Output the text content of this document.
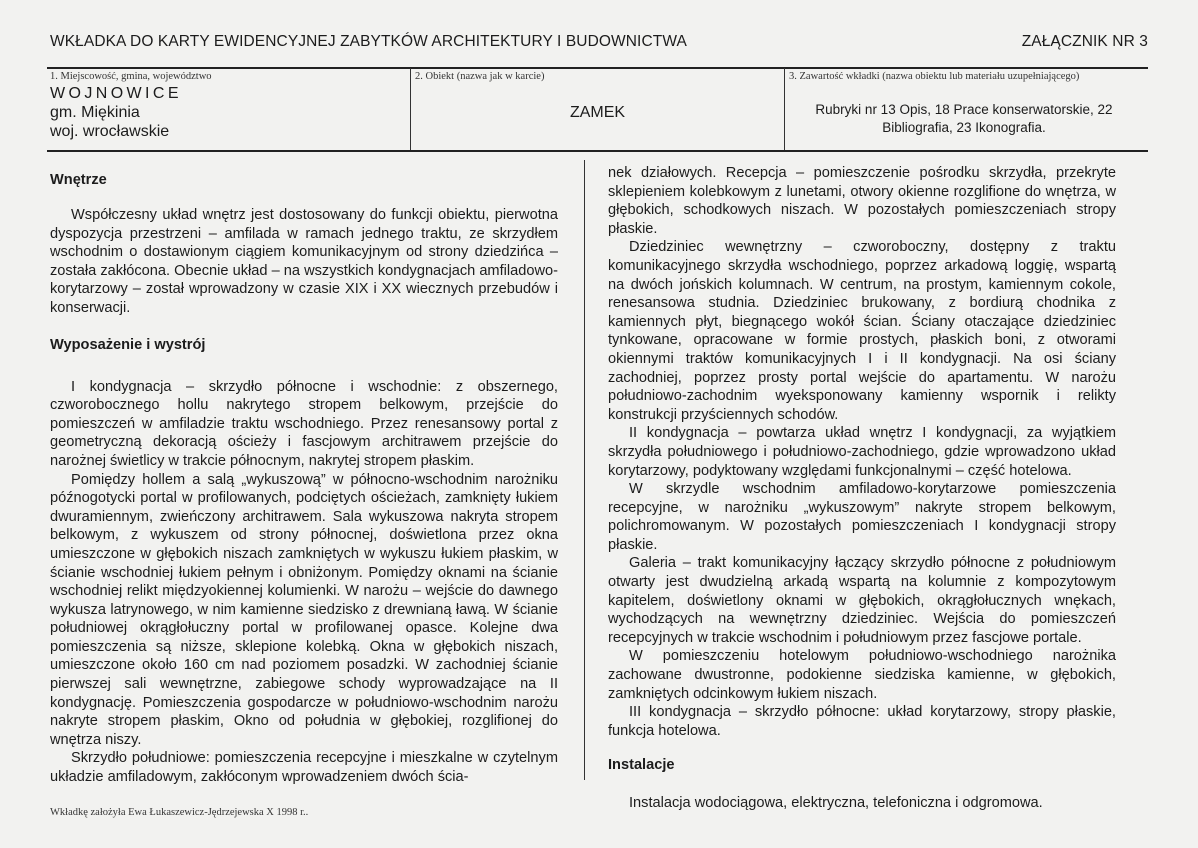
WKŁADKA DO KARTY EWIDENCYJNEJ ZABYTKÓW ARCHITEKTURY I BUDOWNICTWA	ZAŁĄCZNIK NR 3
1. Miejscowość, gmina, województwo
WOJNOWICE
gm. Miękinia
woj. wrocławskie
2. Obiekt (nazwa jak w karcie)
ZAMEK
3. Zawartość wkładki (nazwa obiektu lub materiału uzupełniającego)
Rubryki nr 13 Opis, 18 Prace konserwatorskie, 22 Bibliografia, 23 Ikonografia.
Wnętrze

Współczesny układ wnętrz jest dostosowany do funkcji obiektu, pierwotna dyspozycja przestrzeni – amfilada w ramach jednego traktu, ze skrzydłem wschodnim o dostawionym ciągiem komunikacyjnym od strony dziedzińca – została zakłócona. Obecnie układ – na wszystkich kondygnacjach amfiladowo-korytarzowy – został wprowadzony w czasie XIX i XX wiecznych przebudów i konserwacji.

Wyposażenie i wystrój

I kondygnacja – skrzydło północne i wschodnie: z obszernego, czworobocznego hollu nakrytego stropem belkowym, przejście do pomieszczeń w amfiladzie traktu wschodniego. Przez renesansowy portal z geometryczną dekoracją ościeży i fascjowym architrawem przejście do narożnej świetlicy w trakcie północnym, nakrytej stropem płaskim.

Pomiędzy hollem a salą „wykuszową” w północno-wschodnim narożniku późnogotycki portal w profilowanych, podciętych ościeżach, zamknięty łukiem dwuramiennym, zwieńczony architrawem. Sala wykuszowa nakryta stropem belkowym, z wykuszem od strony północnej, doświetlona przez okna umieszczone w głębokich niszach zamkniętych w wykuszu łukiem płaskim, w ścianie wschodniej łukiem pełnym i obniżonym. Pomiędzy oknami na ścianie wschodniej relikt międzyokiennej kolumienki. W narożu – wejście do dawnego wykusza latrynowego, w nim kamienne siedzisko z drewnianą ławą. W ścianie południowej okrągłołuczny portal w profilowanej opasce. Kolejne dwa pomieszczenia są niższe, sklepione kolebką. Okna w głębokich niszach, umieszczone około 160 cm nad poziomem posadzki. W zachodniej ścianie pierwszej sali wewnętrzne, zabiegowe schody wyprowadzające na II kondygnację. Pomieszczenia gospodarcze w południowo-wschodnim narożu nakryte stropem płaskim, Okno od południa w głębokiej, rozglifionej do wnętrza niszy.

Skrzydło południowe: pomieszczenia recepcyjne i mieszkalne w czytelnym układzie amfiladowym, zakłóconym wprowadzeniem dwóch ścia-

nek działowych. Recepcja – pomieszczenie pośrodku skrzydła, przekryte sklepieniem kolebkowym z lunetami, otwory okienne rozglifione do wnętrza, w głębokich, schodkowych niszach. W pozostałych pomieszczeniach stropy płaskie.

Dziedziniec wewnętrzny – czworoboczny, dostępny z traktu komunikacyjnego skrzydła wschodniego, poprzez arkadową loggię, wspartą na dwóch jońskich kolumnach. W centrum, na prostym, kamiennym cokole, renesansowa studnia. Dziedziniec brukowany, z bordiurą chodnika z kamiennych płyt, biegnącego wokół ścian. Ściany otaczające dziedziniec tynkowane, opracowane w formie prostych, płaskich boni, z otworami okiennymi traktów komunikacyjnych I i II kondygnacji. Na osi ściany zachodniej, poprzez prosty portal wejście do apartamentu. W narożu południowo-zachodnim wyeksponowany kamienny wspornik i relikty konstrukcji przyściennych schodów.

II kondygnacja – powtarza układ wnętrz I kondygnacji, za wyjątkiem skrzydła południowego i południowo-zachodniego, gdzie wprowadzono układ korytarzowy, podyktowany względami funkcjonalnymi – część hotelowa.

W skrzydle wschodnim amfiladowo-korytarzowe pomieszczenia recepcyjne, w narożniku „wykuszowym” nakryte stropem belkowym, polichromowanym. W pozostałych pomieszczeniach I kondygnacji stropy płaskie.

Galeria – trakt komunikacyjny łączący skrzydło północne z południowym otwarty jest dwudzielną arkadą wspartą na kolumnie z kompozytowym kapitelem, doświetlony oknami w głębokich, okrągłołucznych wnękach, wychodzących na wewnętrzny dziedziniec. Wejścia do pomieszczeń recepcyjnych w trakcie wschodnim i południowym przez fascjowe portale.

W pomieszczeniu hotelowym południowo-wschodniego narożnika zachowane dwustronne, podokienne siedziska kamienne, w głębokich, zamkniętych odcinkowym łukiem niszach.

III kondygnacja – skrzydło północne: układ korytarzowy, stropy płaskie, funkcja hotelowa.

Instalacje

Instalacja wodociągowa, elektryczna, telefoniczna i odgromowa.

Wkładkę założyła Ewa Łukaszewicz-Jędrzejewska X 1998 r..
